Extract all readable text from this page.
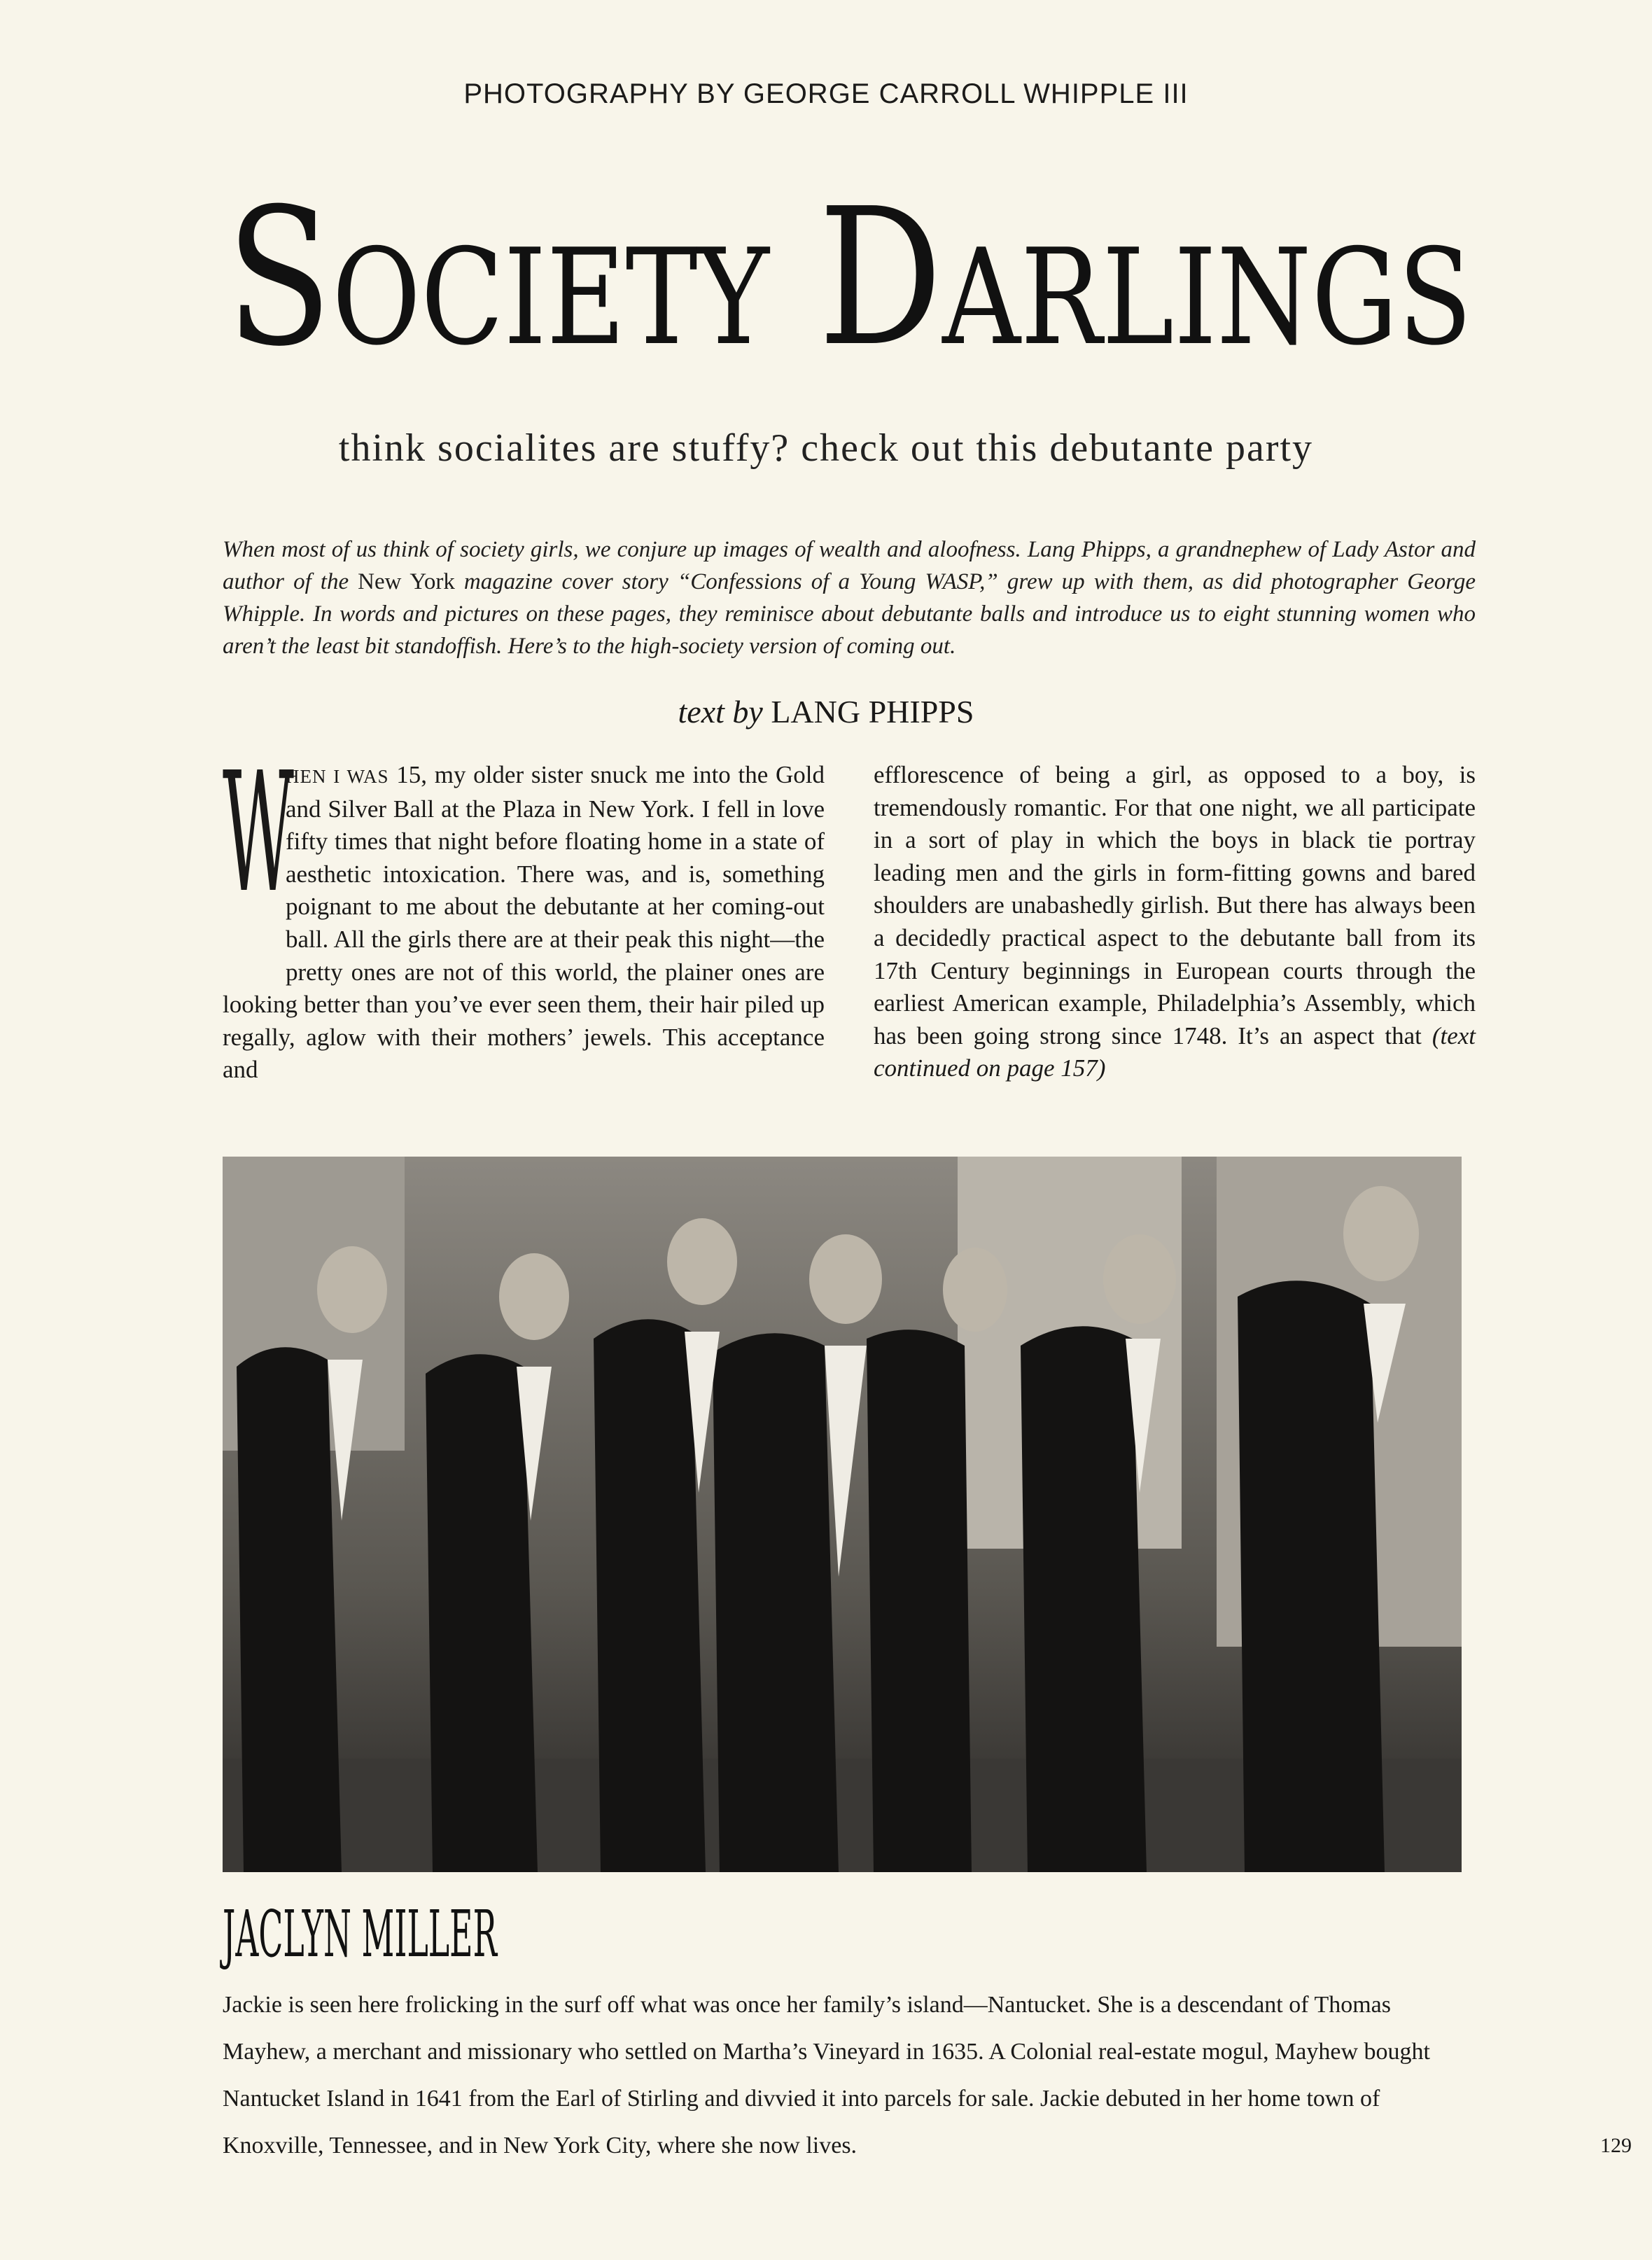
PHOTOGRAPHY BY GEORGE CARROLL WHIPPLE III
Society Darlings
think socialites are stuffy? check out this debutante party
When most of us think of society girls, we conjure up images of wealth and aloofness. Lang Phipps, a grandnephew of Lady Astor and author of the New York magazine cover story “Confessions of a Young WASP,” grew up with them, as did photographer George Whipple. In words and pictures on these pages, they reminisce about debutante balls and introduce us to eight stunning women who aren’t the least bit standoffish. Here’s to the high-society version of coming out.
text by LANG PHIPPS
W
HEN I WAS 15, my older sister snuck me into the Gold and Silver Ball at the Plaza in New York. I fell in love fifty times that night before floating home in a state of aesthetic intoxication. There was, and is, something poignant to me about the debutante at her coming-out ball. All the girls there are at their peak this night—the pretty ones are not of this world, the plainer ones are looking better than you’ve ever seen them, their hair piled up regally, aglow with their mothers’ jewels. This acceptance and
efflorescence of being a girl, as opposed to a boy, is tremendously romantic. For that one night, we all participate in a sort of play in which the boys in black tie portray leading men and the girls in form-fitting gowns and bared shoulders are unabashedly girlish. But there has always been a decidedly practical aspect to the debutante ball from its 17th Century beginnings in European courts through the earliest American example, Philadelphia’s Assembly, which has been going strong since 1748. It’s an aspect that (text continued on page 157)
JACLYN MILLER
Jackie is seen here frolicking in the surf off what was once her family’s island—Nantucket. She is a descendant of Thomas Mayhew, a merchant and missionary who settled on Martha’s Vineyard in 1635. A Colonial real-estate mogul, Mayhew bought Nantucket Island in 1641 from the Earl of Stirling and divvied it into parcels for sale. Jackie debuted in her home town of Knoxville, Tennessee, and in New York City, where she now lives.	129
